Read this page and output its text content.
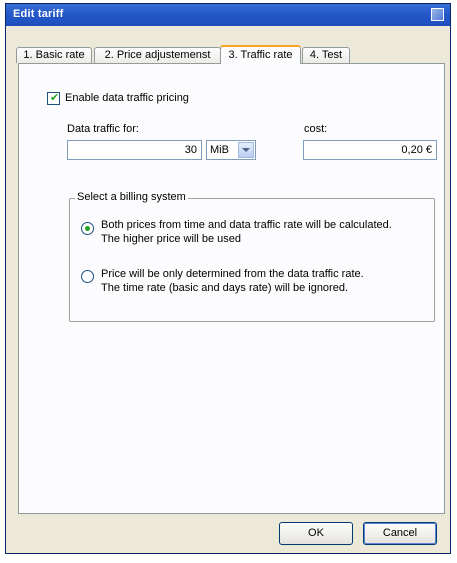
Edit tariff
1. Basic rate	2. Price adjustemenst	3. Traffic rate	4. Test
✔ Enable data traffic pricing
Data traffic for:
30	MiB
cost:
0,20 €
Select a billing system
Both prices from time and data traffic rate will be calculated.
The higher price will be used
Price will be only determined from the data traffic rate.
The time rate (basic and days rate) will be ignored.
OK	Cancel
